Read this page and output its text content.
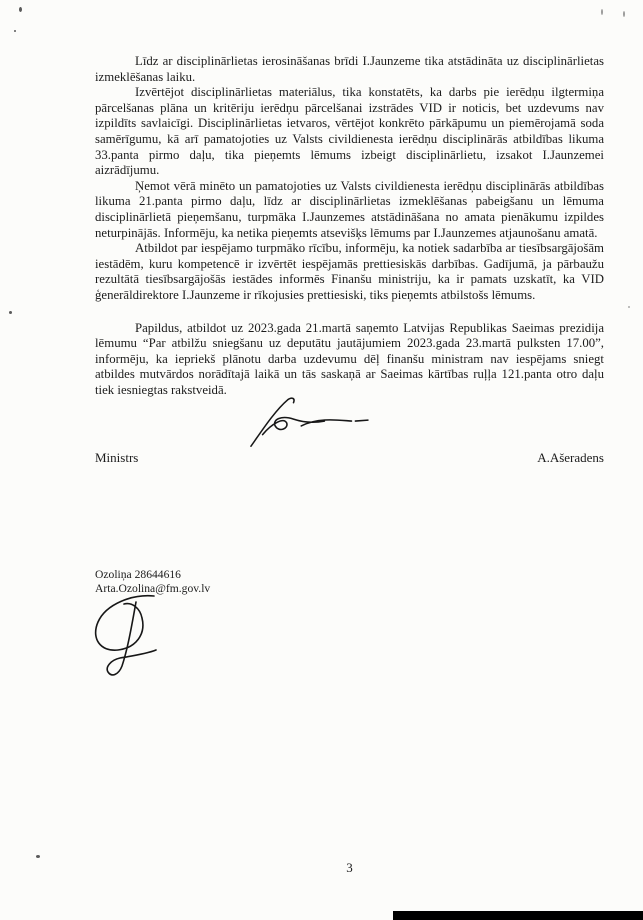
Līdz ar disciplinārlietas ierosināšanas brīdi I.Jaunzeme tika atstādināta uz disciplinārlietas izmeklēšanas laiku.

Izvērtējot disciplinārlietas materiālus, tika konstatēts, ka darbs pie ierēdņu ilgtermiņa pārcelšanas plāna un kritēriju ierēdņu pārcelšanai izstrādes VID ir noticis, bet uzdevums nav izpildīts savlaicīgi. Disciplinārlietas ietvaros, vērtējot konkrēto pārkāpumu un piemērojamā soda samērīgumu, kā arī pamatojoties uz Valsts civildienesta ierēdņu disciplinārās atbildības likuma 33.panta pirmo daļu, tika pieņemts lēmums izbeigt disciplinārlietu, izsakot I.Jaunzemei aizrādījumu.

Ņemot vērā minēto un pamatojoties uz Valsts civildienesta ierēdņu disciplinārās atbildības likuma 21.panta pirmo daļu, līdz ar disciplinārlietas izmeklēšanas pabeigšanu un lēmuma disciplinārlietā pieņemšanu, turpmāka I.Jaunzemes atstādināšana no amata pienākumu izpildes neturpinājās. Informēju, ka netika pieņemts atsevišķs lēmums par I.Jaunzemes atjaunošanu amatā.

Atbildot par iespējamo turpmāko rīcību, informēju, ka notiek sadarbība ar tiesībsargājošām iestādēm, kuru kompetencē ir izvērtēt iespējamās prettiesiskās darbības. Gadījumā, ja pārbaužu rezultātā tiesībsargājošās iestādes informēs Finanšu ministriju, ka ir pamats uzskatīt, ka VID ģenerāldirektore I.Jaunzeme ir rīkojusies prettiesiski, tiks pieņemts atbilstošs lēmums.

Papildus, atbildot uz 2023.gada 21.martā saņemto Latvijas Republikas Saeimas prezidija lēmumu “Par atbilžu sniegšanu uz deputātu jautājumiem 2023.gada 23.martā pulksten 17.00”, informēju, ka iepriekš plānotu darba uzdevumu dēļ finanšu ministram nav iespējams sniegt atbildes mutvārdos norādītajā laikā un tās saskaņā ar Saeimas kārtības ruļļa 121.panta otro daļu tiek iesniegtas rakstveidā.

Ministrs	A.Ašeradens
Ozoliņa 28644616
Arta.Ozolina@fm.gov.lv
3
